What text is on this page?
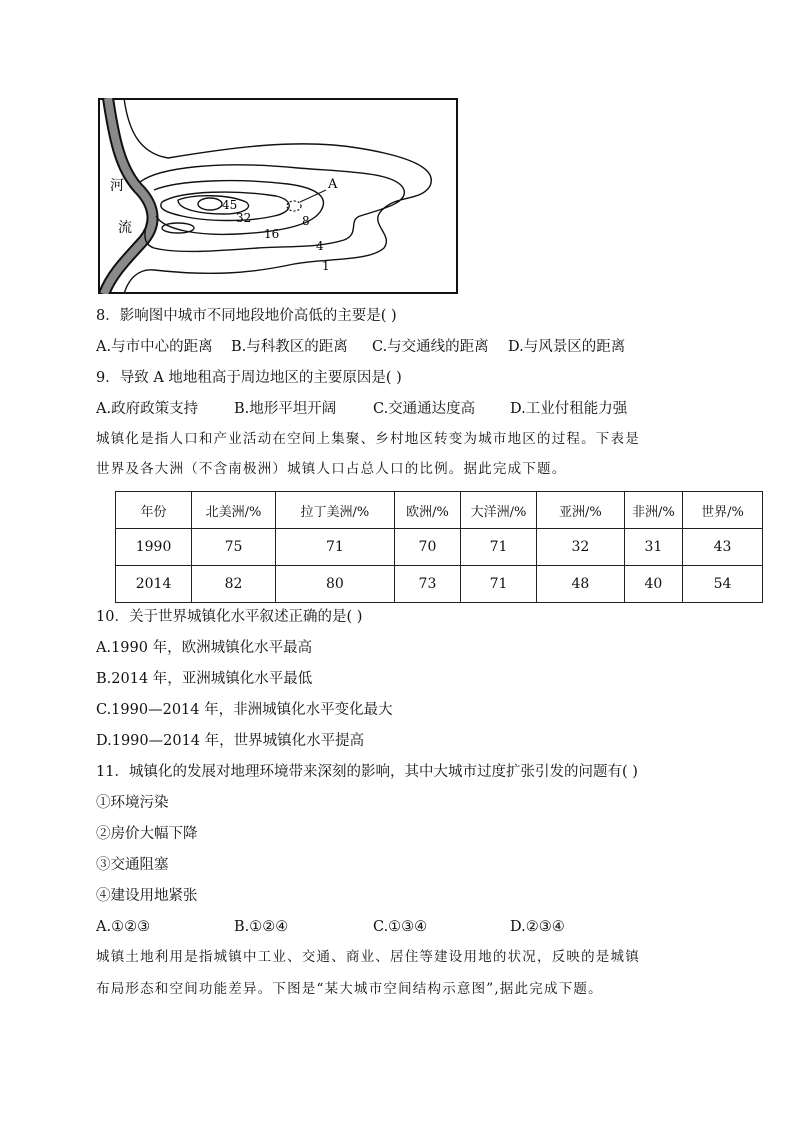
河
流
A
45
32
16
8
4
1
8．影响图中城市不同地段地价高低的主要是( )
A.与市中心的距离 B.与科教区的距离 C.与交通线的距离 D.与风景区的距离
9．导致 A 地地租高于周边地区的主要原因是( )
A.政府政策支持 B.地形平坦开阔	C.交通通达度高 D.工业付租能力强
城镇化是指人口和产业活动在空间上集聚、乡村地区转变为城市地区的过程。下表是
世界及各大洲（不含南极洲）城镇人口占总人口的比例。据此完成下题。
年份	北美洲/%	拉丁美洲/%	欧洲/%	大洋洲/%	亚洲/%	非洲/%	世界/%
1990	75	71	70	71	32	31	43
2014	82	80	73	71	48	40	54
10．关于世界城镇化水平叙述正确的是( )
A.1990 年，欧洲城镇化水平最高
B.2014 年，亚洲城镇化水平最低
C.1990—2014 年，非洲城镇化水平变化最大
D.1990—2014 年，世界城镇化水平提高
11．城镇化的发展对地理环境带来深刻的影响，其中大城市过度扩张引发的问题有( )
①环境污染
②房价大幅下降
③交通阻塞
④建设用地紧张
A.①②③	B.①②④	C.①③④	D.②③④
城镇土地利用是指城镇中工业、交通、商业、居住等建设用地的状况，反映的是城镇
布局形态和空间功能差异。下图是“某大城市空间结构示意图”,据此完成下题。
